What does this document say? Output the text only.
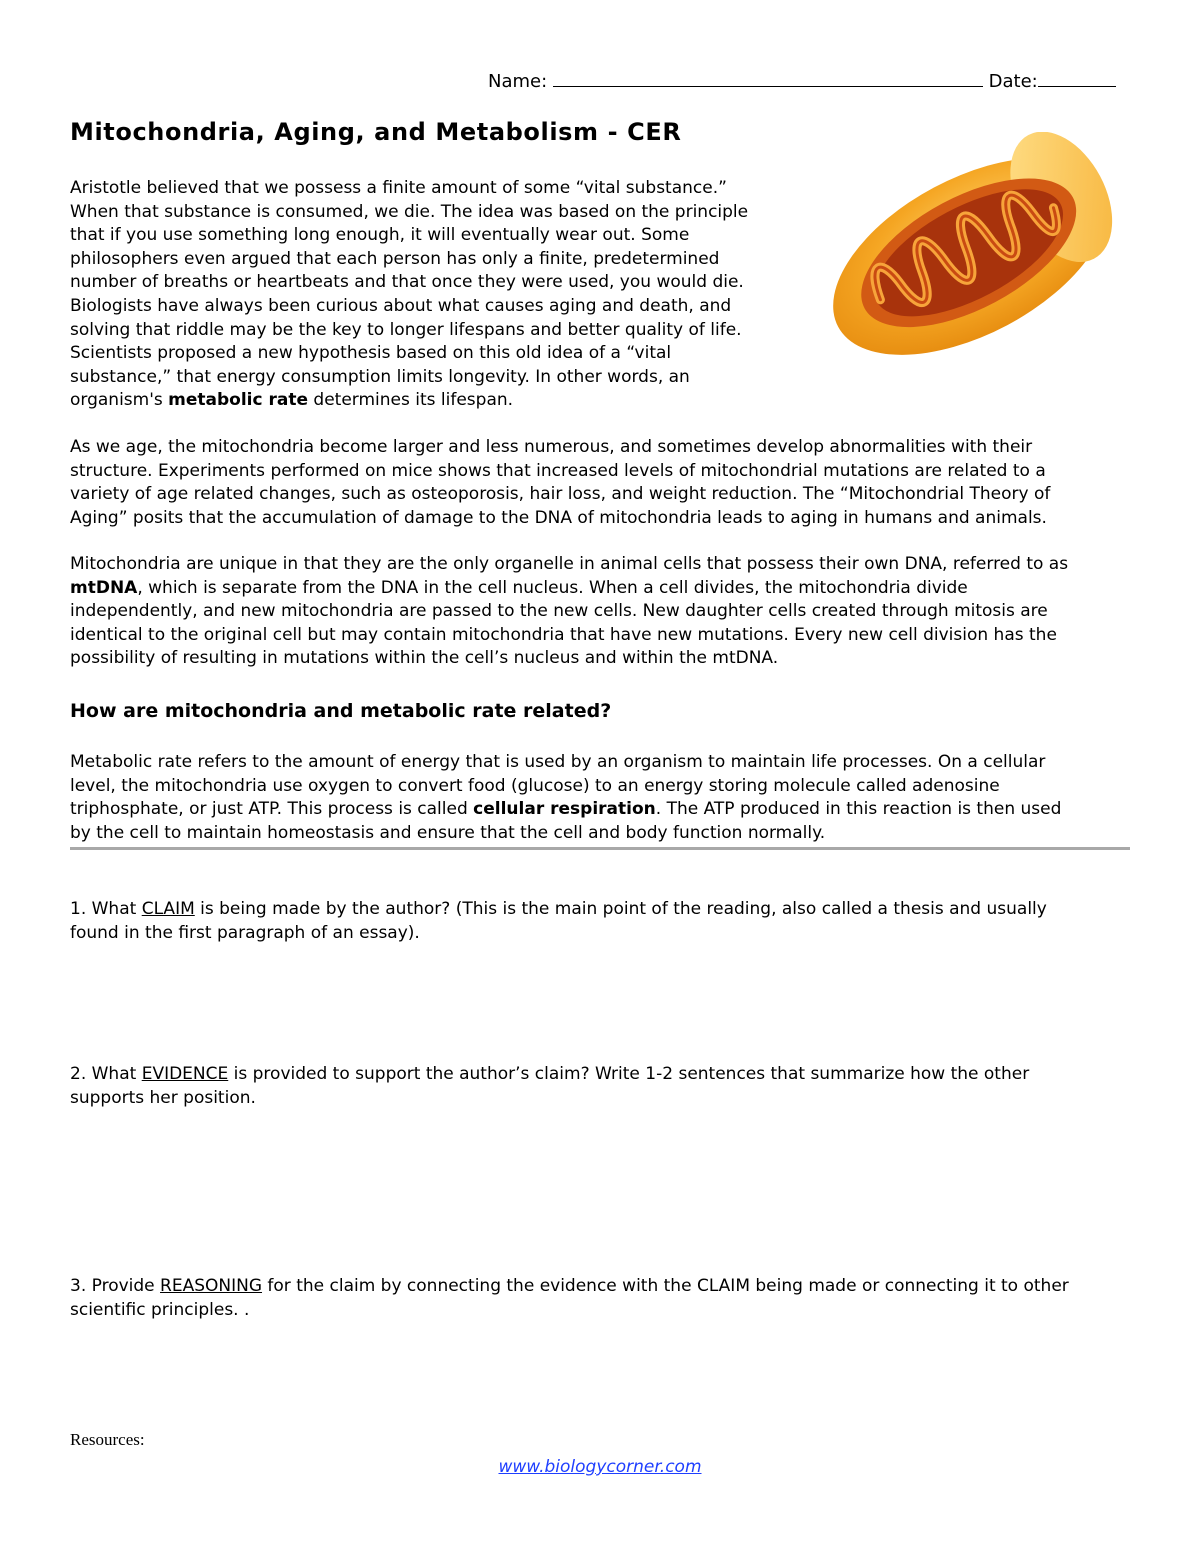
Name:	Date:
Mitochondria, Aging, and Metabolism - CER
Aristotle believed that we possess a finite amount of some “vital substance.”
When that substance is consumed, we die. The idea was based on the principle
that if you use something long enough, it will eventually wear out. Some
philosophers even argued that each person has only a finite, predetermined
number of breaths or heartbeats and that once they were used, you would die.
Biologists have always been curious about what causes aging and death, and
solving that riddle may be the key to longer lifespans and better quality of life.
Scientists proposed a new hypothesis based on this old idea of a “vital
substance,” that energy consumption limits longevity. In other words, an
organism's metabolic rate determines its lifespan.
As we age, the mitochondria become larger and less numerous, and sometimes develop abnormalities with their
structure. Experiments performed on mice shows that increased levels of mitochondrial mutations are related to a
variety of age related changes, such as osteoporosis, hair loss, and weight reduction. The “Mitochondrial Theory of
Aging” posits that the accumulation of damage to the DNA of mitochondria leads to aging in humans and animals.
Mitochondria are unique in that they are the only organelle in animal cells that possess their own DNA, referred to as
mtDNA, which is separate from the DNA in the cell nucleus. When a cell divides, the mitochondria divide
independently, and new mitochondria are passed to the new cells. New daughter cells created through mitosis are
identical to the original cell but may contain mitochondria that have new mutations. Every new cell division has the
possibility of resulting in mutations within the cell’s nucleus and within the mtDNA.
How are mitochondria and metabolic rate related?
Metabolic rate refers to the amount of energy that is used by an organism to maintain life processes. On a cellular
level, the mitochondria use oxygen to convert food (glucose) to an energy storing molecule called adenosine
triphosphate, or just ATP. This process is called cellular respiration. The ATP produced in this reaction is then used
by the cell to maintain homeostasis and ensure that the cell and body function normally.
1. What CLAIM is being made by the author? (This is the main point of the reading, also called a thesis and usually
found in the first paragraph of an essay).
2. What EVIDENCE is provided to support the author’s claim? Write 1-2 sentences that summarize how the other
supports her position.
3. Provide REASONING for the claim by connecting the evidence with the CLAIM being made or connecting it to other
scientific principles. .
Resources:
www.biologycorner.com
